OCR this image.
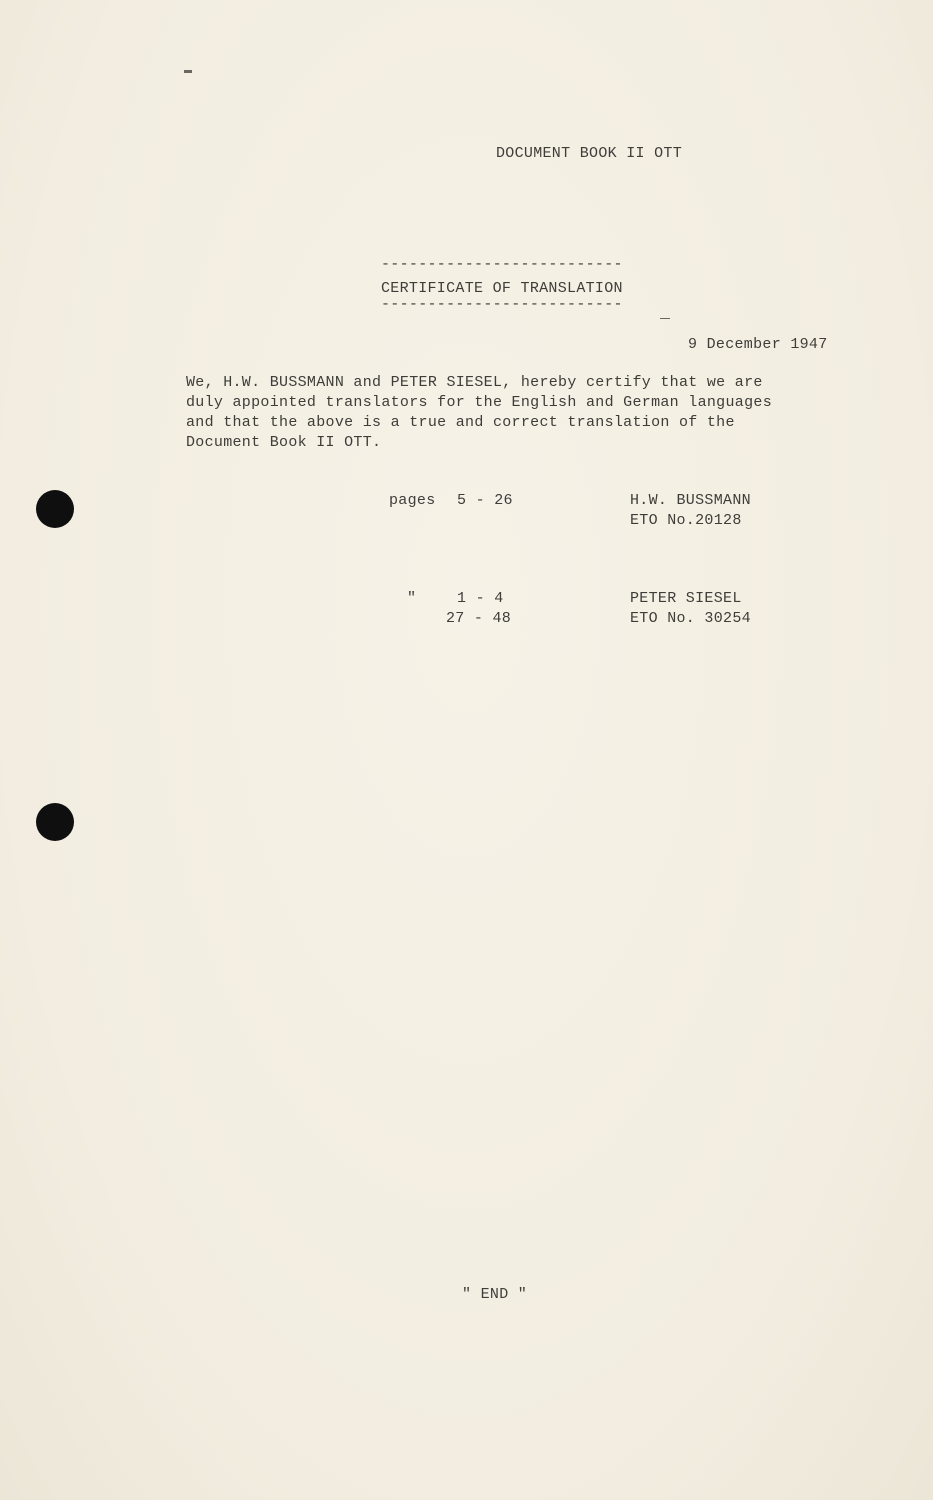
DOCUMENT BOOK II OTT
--------------------------
CERTIFICATE OF TRANSLATION
--------------------------
9 December 1947
We, H.W. BUSSMANN and PETER SIESEL, hereby certify that we are
duly appointed translators for the English and German languages
and that the above is a true and correct translation of the
Document Book II OTT.
pages 5 - 26	H.W. BUSSMANN
ETO No.20128
"	1 - 4
27 - 48
PETER SIESEL
ETO No. 30254
" END "
